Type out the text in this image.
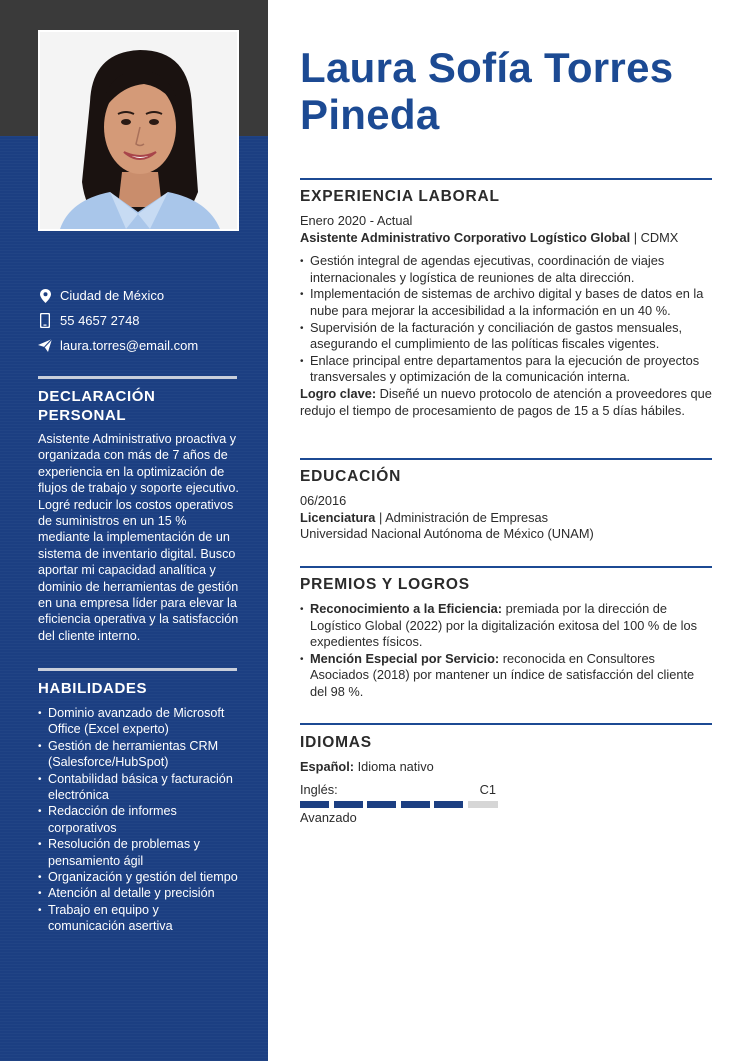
Ciudad de México
55 4657 2748
laura.torres@email.com
DECLARACIÓN PERSONAL

Asistente Administrativo proactiva y organizada con más de 7 años de experiencia en la optimización de flujos de trabajo y soporte ejecutivo. Logré reducir los costos operativos de suministros en un 15 % mediante la implementación de un sistema de inventario digital. Busco aportar mi capacidad analítica y dominio de herramientas de gestión en una empresa líder para elevar la eficiencia operativa y la satisfacción del cliente interno.

HABILIDADES
• Dominio avanzado de Microsoft Office (Excel experto)
• Gestión de herramientas CRM (Salesforce/HubSpot)
• Contabilidad básica y facturación electrónica
• Redacción de informes corporativos
• Resolución de problemas y pensamiento ágil
• Organización y gestión del tiempo
• Atención al detalle y precisión
• Trabajo en equipo y comunicación asertiva
Laura Sofía Torres Pineda
EXPERIENCIA LABORAL
Enero 2020 - Actual
Asistente Administrativo Corporativo Logístico Global | CDMX
• Gestión integral de agendas ejecutivas, coordinación de viajes internacionales y logística de reuniones de alta dirección.
• Implementación de sistemas de archivo digital y bases de datos en la nube para mejorar la accesibilidad a la información en un 40 %.
• Supervisión de la facturación y conciliación de gastos mensuales, asegurando el cumplimiento de las políticas fiscales vigentes.
• Enlace principal entre departamentos para la ejecución de proyectos transversales y optimización de la comunicación interna.
Logro clave: Diseñé un nuevo protocolo de atención a proveedores que redujo el tiempo de procesamiento de pagos de 15 a 5 días hábiles.
EDUCACIÓN
06/2016
Licenciatura | Administración de Empresas
Universidad Nacional Autónoma de México (UNAM)
PREMIOS Y LOGROS
• Reconocimiento a la Eficiencia: premiada por la dirección de Logístico Global (2022) por la digitalización exitosa del 100 % de los expedientes físicos.
• Mención Especial por Servicio: reconocida en Consultores Asociados (2018) por mantener un índice de satisfacción del cliente del 98 %.
IDIOMAS
Español: Idioma nativo
Inglés:	C1
Avanzado
